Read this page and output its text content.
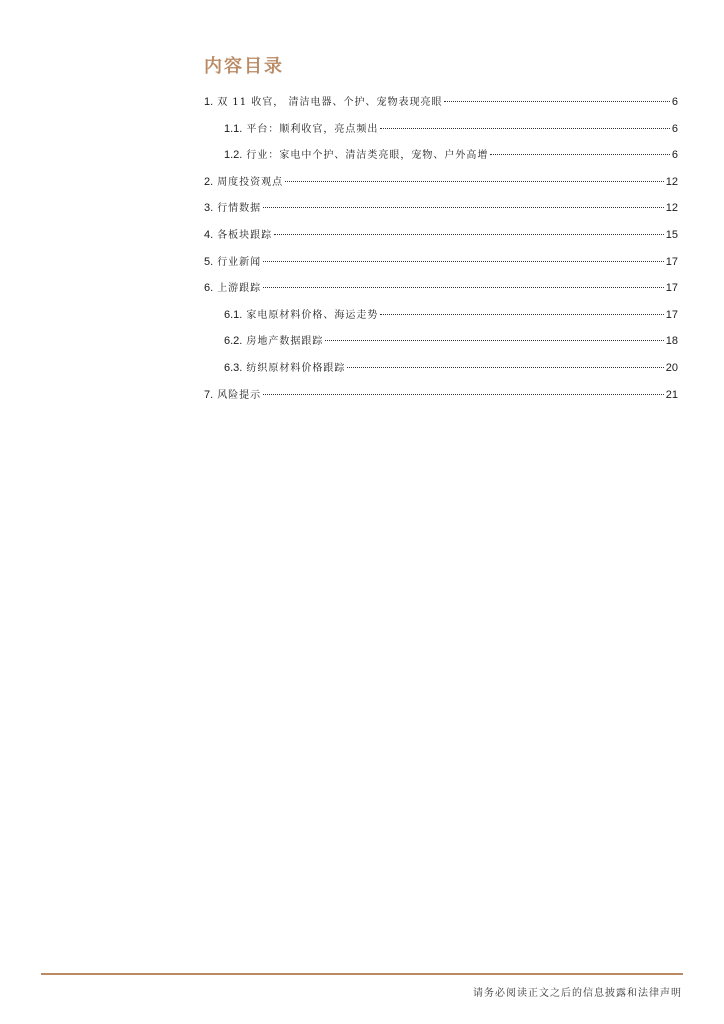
内容目录
1. 双 11 收官， 清洁电器、个护、宠物表现亮眼	6
1.1. 平台：顺利收官，亮点频出	6
1.2. 行业：家电中个护、清洁类亮眼，宠物、户外高增	6
2. 周度投资观点	12
3. 行情数据	12
4. 各板块跟踪	15
5. 行业新闻	17
6. 上游跟踪	17
6.1. 家电原材料价格、海运走势	17
6.2. 房地产数据跟踪	18
6.3. 纺织原材料价格跟踪	20
7. 风险提示	21
请务必阅读正文之后的信息披露和法律声明
